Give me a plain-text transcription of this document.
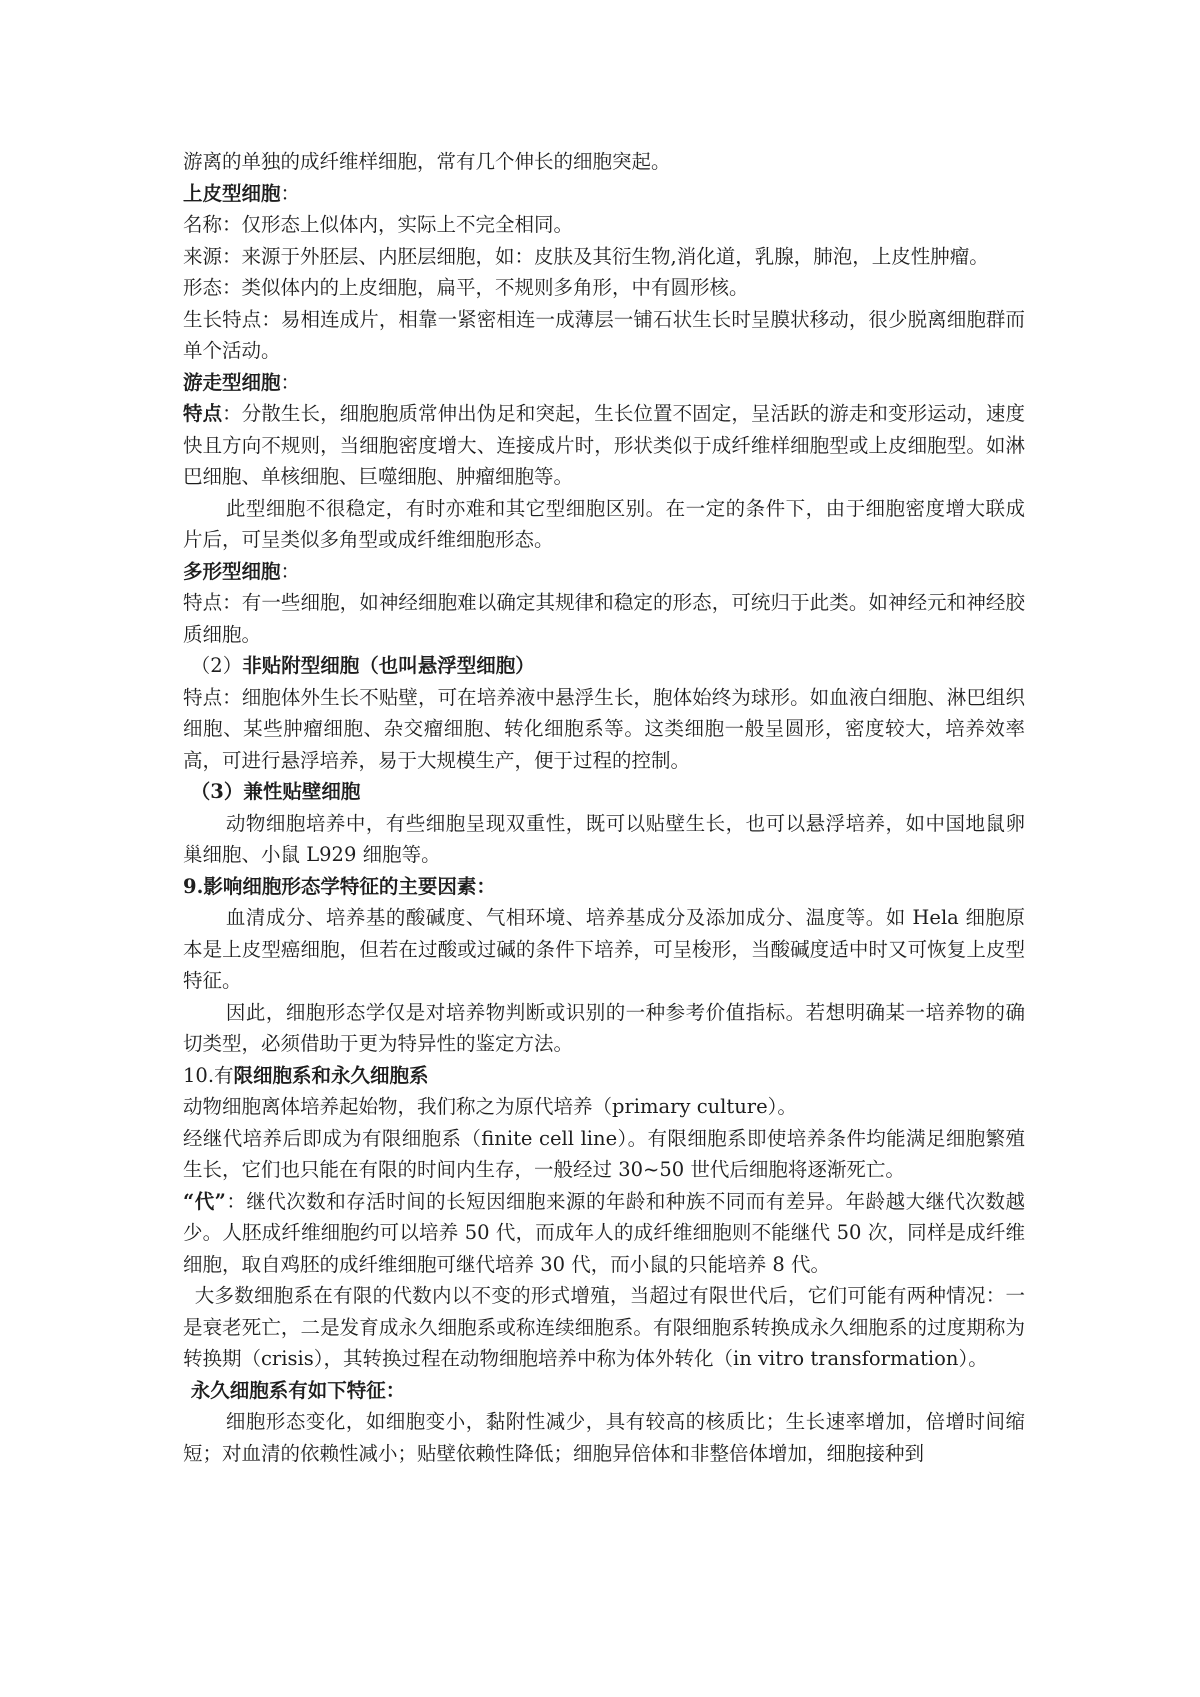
游离的单独的成纤维样细胞，常有几个伸长的细胞突起。

上皮型细胞：

名称：仅形态上似体内，实际上不完全相同。

来源：来源于外胚层、内胚层细胞，如：皮肤及其衍生物,消化道，乳腺，肺泡，上皮性肿瘤。

形态：类似体内的上皮细胞，扁平，不规则多角形，中有圆形核。

生长特点：易相连成片，相靠一紧密相连一成薄层一铺石状生长时呈膜状移动，很少脱离细胞群而单个活动。

游走型细胞：

特点：分散生长，细胞胞质常伸出伪足和突起，生长位置不固定，呈活跃的游走和变形运动，速度快且方向不规则，当细胞密度增大、连接成片时，形状类似于成纤维样细胞型或上皮细胞型。如淋巴细胞、单核细胞、巨噬细胞、肿瘤细胞等。

此型细胞不很稳定，有时亦难和其它型细胞区别。在一定的条件下，由于细胞密度增大联成片后，可呈类似多角型或成纤维细胞形态。

多形型细胞：

特点：有一些细胞，如神经细胞难以确定其规律和稳定的形态，可统归于此类。如神经元和神经胶质细胞。

（2）非贴附型细胞（也叫悬浮型细胞）

特点：细胞体外生长不贴壁，可在培养液中悬浮生长，胞体始终为球形。如血液白细胞、淋巴组织细胞、某些肿瘤细胞、杂交瘤细胞、转化细胞系等。这类细胞一般呈圆形，密度较大，培养效率高，可进行悬浮培养，易于大规模生产，便于过程的控制。

（3）兼性贴壁细胞

动物细胞培养中，有些细胞呈现双重性，既可以贴壁生长，也可以悬浮培养，如中国地鼠卵巢细胞、小鼠 L929 细胞等。

9.影响细胞形态学特征的主要因素：

血清成分、培养基的酸碱度、气相环境、培养基成分及添加成分、温度等。如 Hela 细胞原本是上皮型癌细胞，但若在过酸或过碱的条件下培养，可呈梭形，当酸碱度适中时又可恢复上皮型特征。

因此，细胞形态学仅是对培养物判断或识别的一种参考价值指标。若想明确某一培养物的确切类型，必须借助于更为特异性的鉴定方法。

10.有限细胞系和永久细胞系

动物细胞离体培养起始物，我们称之为原代培养（primary culture）。

经继代培养后即成为有限细胞系（finite cell line）。有限细胞系即使培养条件均能满足细胞繁殖生长，它们也只能在有限的时间内生存，一般经过 30~50 世代后细胞将逐渐死亡。

“代”：继代次数和存活时间的长短因细胞来源的年龄和种族不同而有差异。年龄越大继代次数越少。人胚成纤维细胞约可以培养 50 代，而成年人的成纤维细胞则不能继代 50 次，同样是成纤维细胞，取自鸡胚的成纤维细胞可继代培养 30 代，而小鼠的只能培养 8 代。

大多数细胞系在有限的代数内以不变的形式增殖，当超过有限世代后，它们可能有两种情况：一是衰老死亡，二是发育成永久细胞系或称连续细胞系。有限细胞系转换成永久细胞系的过度期称为转换期（crisis），其转换过程在动物细胞培养中称为体外转化（in vitro transformation）。

永久细胞系有如下特征：

细胞形态变化，如细胞变小，黏附性减少，具有较高的核质比；生长速率增加，倍增时间缩短；对血清的依赖性减小；贴壁依赖性降低；细胞异倍体和非整倍体增加，细胞接种到
